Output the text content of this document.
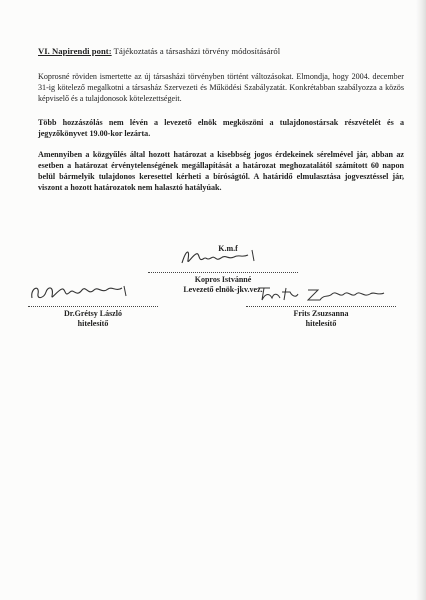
VI. Napirendi pont: Tájékoztatás a társasházi törvény módosításáról
Koprosné röviden ismertette az új társasházi törvényben történt változásokat. Elmondja, hogy 2004. december 31-ig kötelező megalkotni a társasház Szervezeti és Működési Szabályzatát. Konkrétabban szabályozza a közös képviselő és a tulajdonosok kötelezettségeit.
Több hozzászólás nem lévén a levezető elnök megköszöni a tulajdonostársak részvételét és a jegyzőkönyvet 19.00-kor lezárta.
Amennyiben a közgyűlés által hozott határozat a kisebbség jogos érdekeinek sérelmével jár, abban az esetben a határozat érvénytelenségének megállapítását a határozat meghozatalától számított 60 napon belül bármelyik tulajdonos keresettel kérheti a bíróságtól. A határidő elmulasztása jogvesztéssel jár, viszont a hozott határozatok nem halasztó hatályúak.
K.m.f
Kopros Istvánné
Levezető elnök-jkv.vez.
Dr.Grétsy László
hitelesítő
Frits Zsuzsanna
hitelesítő
